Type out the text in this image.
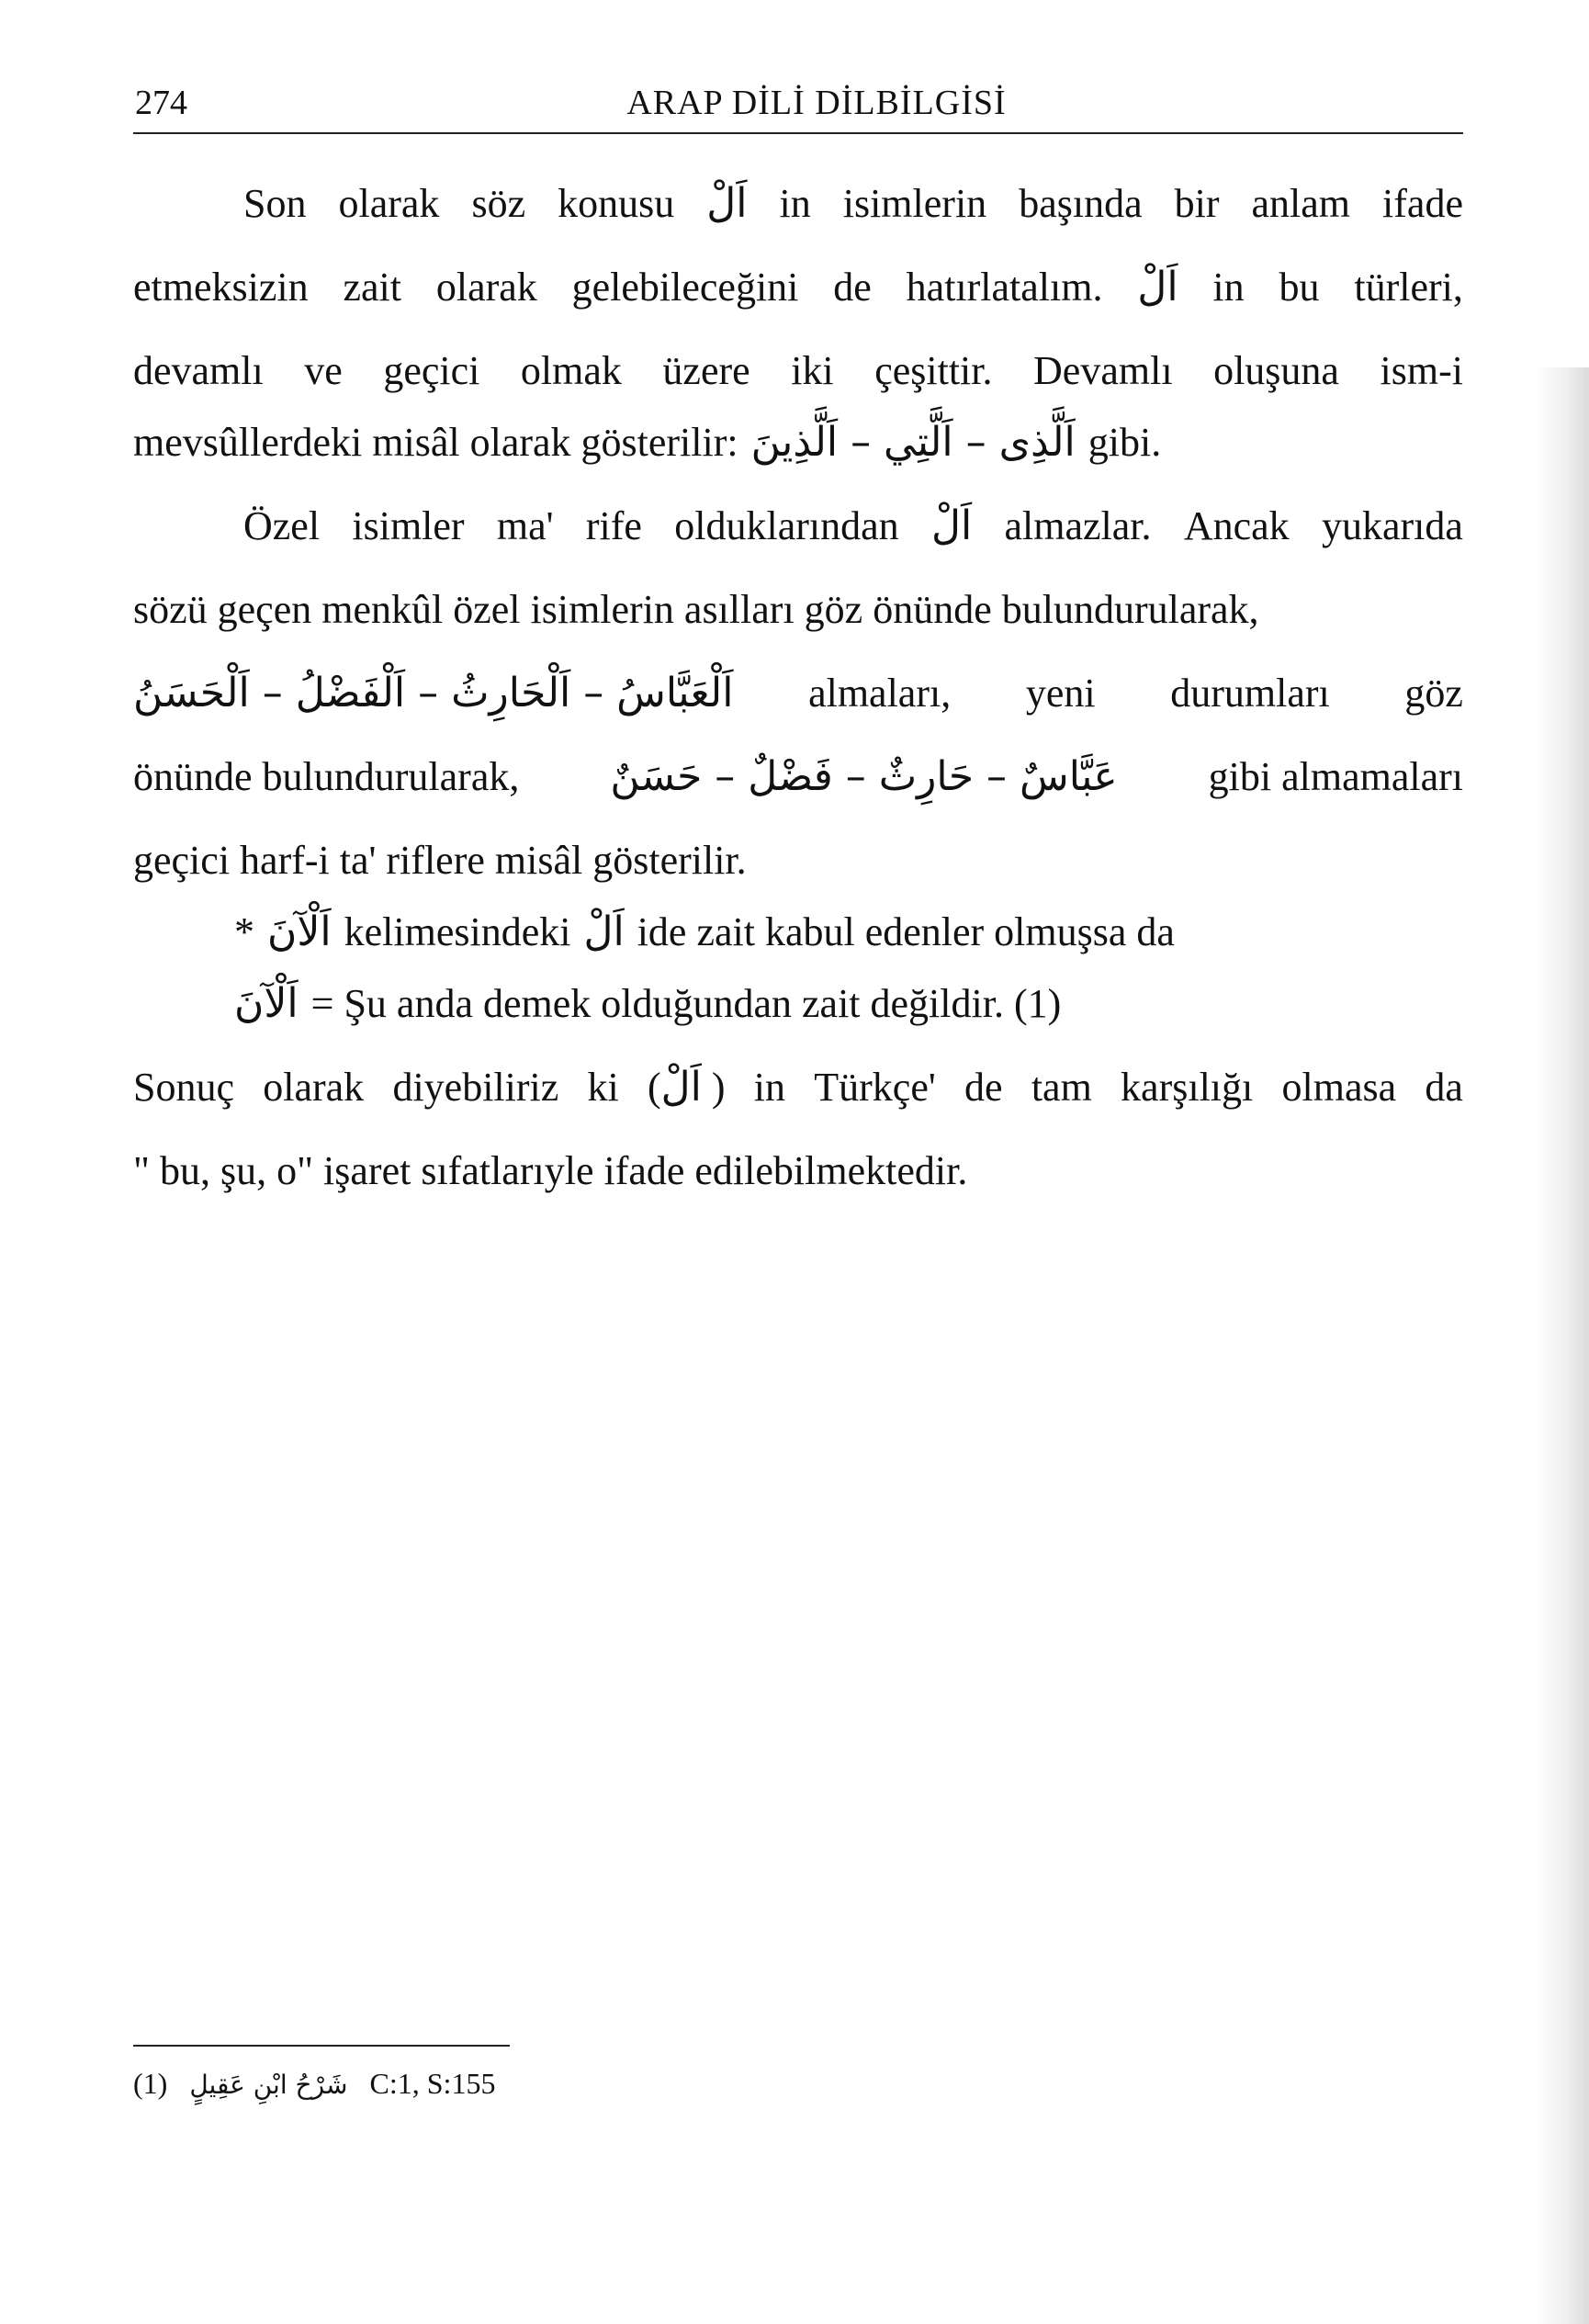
274	ARAP DİLİ DİLBİLGİSİ
Son olarak söz konusu اَلْ in isimlerin başında bir anlam ifade
etmeksizin zait olarak gelebileceğini de hatırlatalım. اَلْ in bu türleri,
devamlı ve geçici olmak üzere iki çeşittir. Devamlı oluşuna ism-i
mevsûllerdeki misâl olarak gösterilir: اَلَّذِى – اَلَّتِي – اَلَّذِينَ gibi.
Özel isimler ma' rife olduklarından اَلْ almazlar. Ancak yukarıda
sözü geçen menkûl özel isimlerin asılları göz önünde bulundurularak,
اَلْعَبَّاسُ – اَلْحَارِثُ – اَلْفَضْلُ – اَلْحَسَنُ almaları, yeni durumları göz
önünde bulundurularak, عَبَّاسٌ – حَارِثٌ – فَضْلٌ – حَسَنٌ gibi almamaları
geçici harf-i ta' riflere misâl gösterilir.
* اَلْآنَ kelimesindeki اَلْ ide zait kabul edenler olmuşsa da
اَلْآنَ = Şu anda demek olduğundan zait değildir. (1)
Sonuç olarak diyebiliriz ki (اَلْ ) in Türkçe' de tam karşılığı olmasa da
" bu, şu, o" işaret sıfatlarıyle ifade edilebilmektedir.
(1) شَرْحُ ابْنِ عَقِيلٍ C:1, S:155
